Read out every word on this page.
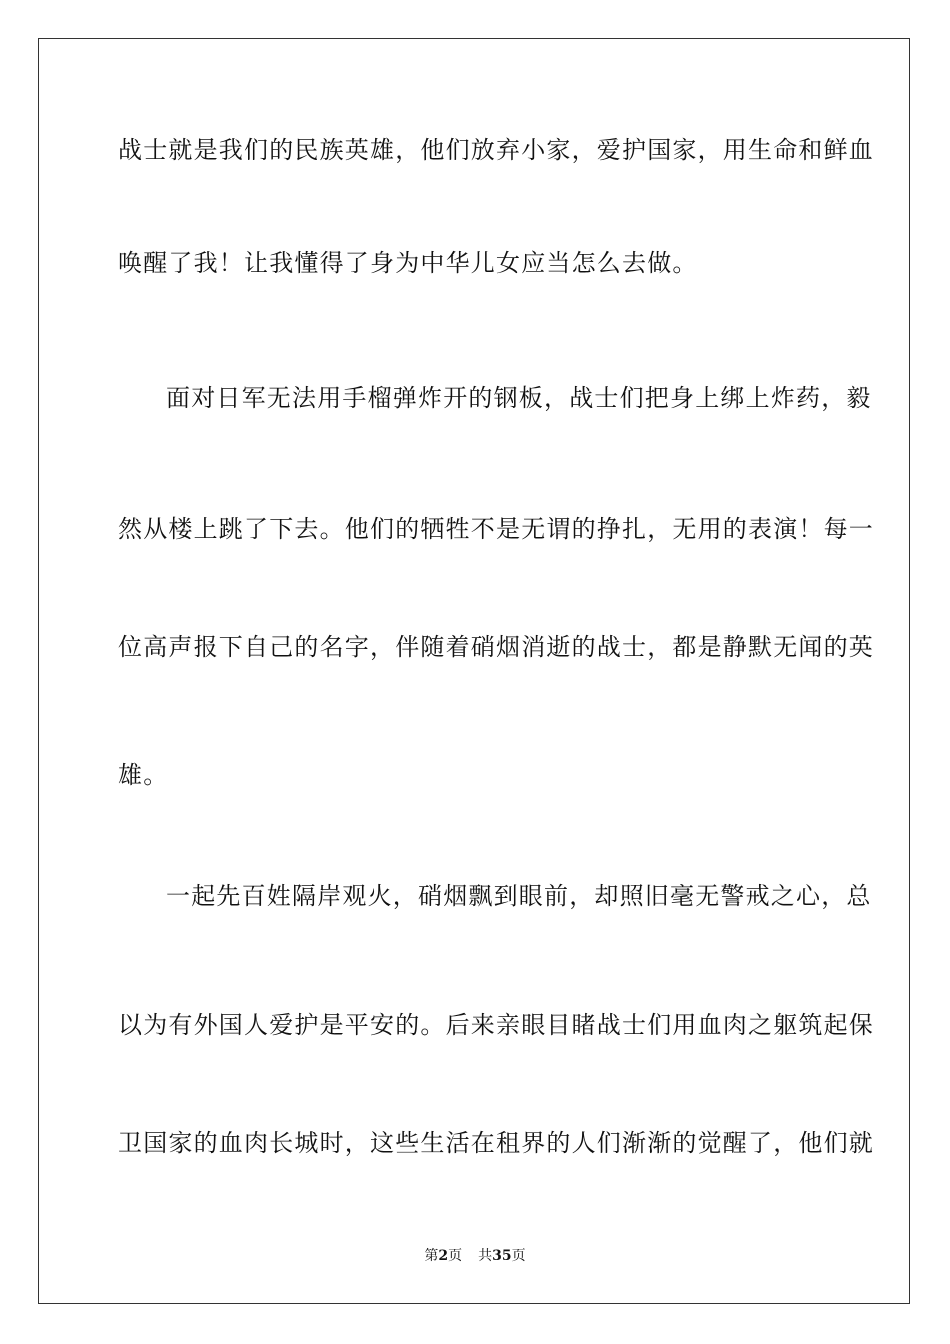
战士就是我们的民族英雄，他们放弃小家，爱护国家，用生命和鲜血
唤醒了我！让我懂得了身为中华儿女应当怎么去做。
面对日军无法用手榴弹炸开的钢板，战士们把身上绑上炸药，毅
然从楼上跳了下去。他们的牺牲不是无谓的挣扎，无用的表演！每一
位高声报下自己的名字，伴随着硝烟消逝的战士，都是静默无闻的英
雄。
一起先百姓隔岸观火，硝烟飘到眼前，却照旧毫无警戒之心，总
以为有外国人爱护是平安的。后来亲眼目睹战士们用血肉之躯筑起保
卫国家的血肉长城时，这些生活在租界的人们渐渐的觉醒了，他们就
第2页 共35页
